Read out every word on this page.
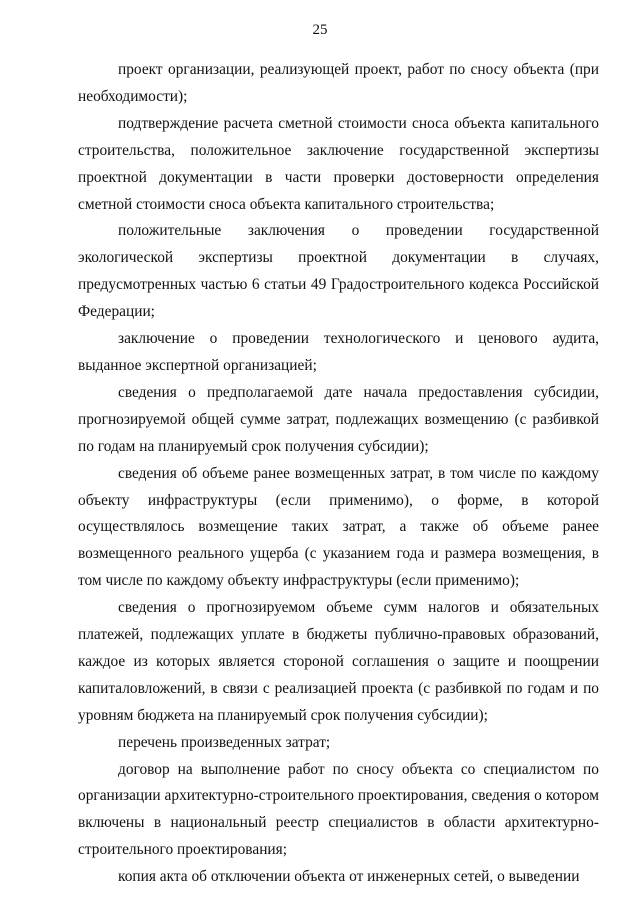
25

проект организации, реализующей проект, работ по сносу объекта (при необходимости);

подтверждение расчета сметной стоимости сноса объекта капитального строительства, положительное заключение государственной экспертизы проектной документации в части проверки достоверности определения сметной стоимости сноса объекта капитального строительства;

положительные заключения о проведении государственной экологической экспертизы проектной документации в случаях, предусмотренных частью 6 статьи 49 Градостроительного кодекса Российской Федерации;

заключение о проведении технологического и ценового аудита, выданное экспертной организацией;

сведения о предполагаемой дате начала предоставления субсидии, прогнозируемой общей сумме затрат, подлежащих возмещению (с разбивкой по годам на планируемый срок получения субсидии);

сведения об объеме ранее возмещенных затрат, в том числе по каждому объекту инфраструктуры (если применимо), о форме, в которой осуществлялось возмещение таких затрат, а также об объеме ранее возмещенного реального ущерба (с указанием года и размера возмещения, в том числе по каждому объекту инфраструктуры (если применимо);

сведения о прогнозируемом объеме сумм налогов и обязательных платежей, подлежащих уплате в бюджеты публично-правовых образований, каждое из которых является стороной соглашения о защите и поощрении капиталовложений, в связи с реализацией проекта (с разбивкой по годам и по уровням бюджета на планируемый срок получения субсидии);

перечень произведенных затрат;

договор на выполнение работ по сносу объекта со специалистом по организации архитектурно-строительного проектирования, сведения о котором включены в национальный реестр специалистов в области архитектурно-строительного проектирования;

копия акта об отключении объекта от инженерных сетей, о выведении
